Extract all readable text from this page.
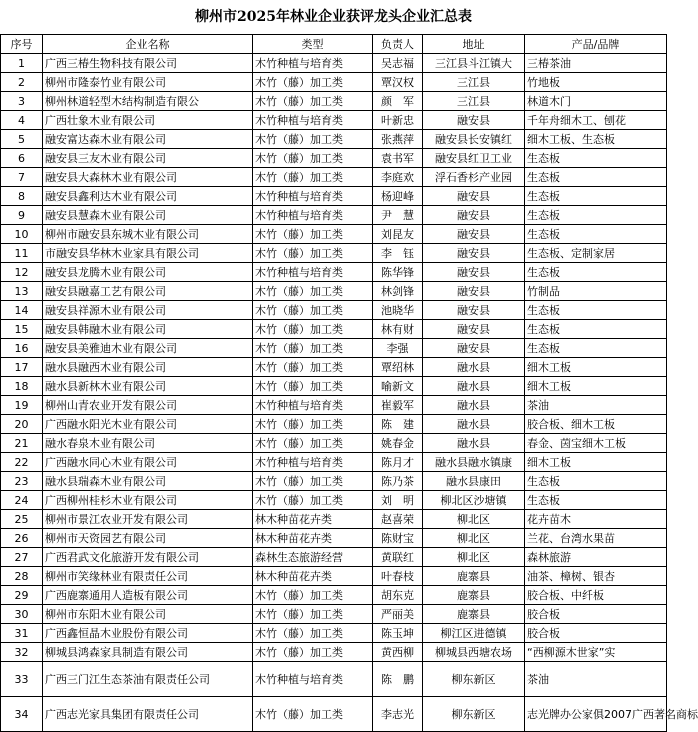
柳州市2025年林业企业获评龙头企业汇总表
序号	企业名称	类型	负责人	地址	产品/品牌
1	广西三椿生物科技有限公司	木竹种植与培育类	吴志福	三江县斗江镇大	三椿茶油
2	柳州市隆泰竹业有限公司	木竹（藤）加工类	覃汉权	三江县	竹地板
3	柳州林道轻型木结构制造有限公	木竹（藤）加工类	颜　军	三江县	林道木门
4	广西壮象木业有限公司	木竹种植与培育类	叶新忠	融安县	千年舟细木工、刨花
5	融安富达森木业有限公司	木竹（藤）加工类	张燕萍	融安县长安镇红	细木工板、生态板
6	融安县三友木业有限公司	木竹（藤）加工类	袁书军	融安县红卫工业	生态板
7	融安县大森林木业有限公司	木竹（藤）加工类	李庭欢	浮石香杉产业园	生态板
8	融安县鑫利达木业有限公司	木竹种植与培育类	杨迎峰	融安县	生态板
9	融安县慧森木业有限公司	木竹种植与培育类	尹　慧	融安县	生态板
10	柳州市融安县东城木业有限公司	木竹（藤）加工类	刘昆友	融安县	生态板
11	市融安县华林木业家具有限公司	木竹（藤）加工类	李　钰	融安县	生态板、定制家居
12	融安县龙腾木业有限公司	木竹种植与培育类	陈华锋	融安县	生态板
13	融安县融嘉工艺有限公司	木竹（藤）加工类	林剑锋	融安县	竹制品
14	融安县祥源木业有限公司	木竹（藤）加工类	池晓华	融安县	生态板
15	融安县韩融木业有限公司	木竹（藤）加工类	林有财	融安县	生态板
16	融安县美雅迪木业有限公司	木竹（藤）加工类	李强	融安县	生态板
17	融水县融西木业有限公司	木竹（藤）加工类	覃绍林	融水县	细木工板
18	融水县新林木业有限公司	木竹（藤）加工类	喻新文	融水县	细木工板
19	柳州山青农业开发有限公司	木竹种植与培育类	崔毅军	融水县	茶油
20	广西融水阳光木业有限公司	木竹（藤）加工类	陈　建	融水县	胶合板、细木工板
21	融水春泉木业有限公司	木竹（藤）加工类	姚春金	融水县	春金、茵宝细木工板
22	广西融水同心木业有限公司	木竹种植与培育类	陈月才	融水县融水镇康	细木工板
23	融水县瑞森木业有限公司	木竹（藤）加工类	陈乃茶	融水县康田	生态板
24	广西柳州桂杉木业有限公司	木竹（藤）加工类	刘　明	柳北区沙塘镇	生态板
25	柳州市景江农业开发有限公司	林木种苗花卉类	赵喜荣	柳北区	花卉苗木
26	柳州市天资园艺有限公司	林木种苗花卉类	陈财宝	柳北区	兰花、台湾水果苗
27	广西君武文化旅游开发有限公司	森林生态旅游经营	黄联红	柳北区	森林旅游
28	柳州市笑缘林业有限责任公司	林木种苗花卉类	叶春枝	鹿寨县	油茶、樟树、银杏
29	广西鹿寨通用人造板有限公司	木竹（藤）加工类	胡东克	鹿寨县	胶合板、中纤板
30	柳州市东阳木业有限公司	木竹（藤）加工类	严丽美	鹿寨县	胶合板
31	广西鑫恒晶木业股份有限公司	木竹（藤）加工类	陈玉坤	柳江区进德镇	胶合板
32	柳城县鸿森家具制造有限公司	木竹（藤）加工类	黄西柳	柳城县西塘农场	“西柳源木世家”实
33	广西三门江生态茶油有限责任公司	木竹种植与培育类	陈　鹏	柳东新区	茶油
34	广西志光家具集团有限责任公司	木竹（藤）加工类	李志光	柳东新区	志光牌办公家俱2007广西著名商标
